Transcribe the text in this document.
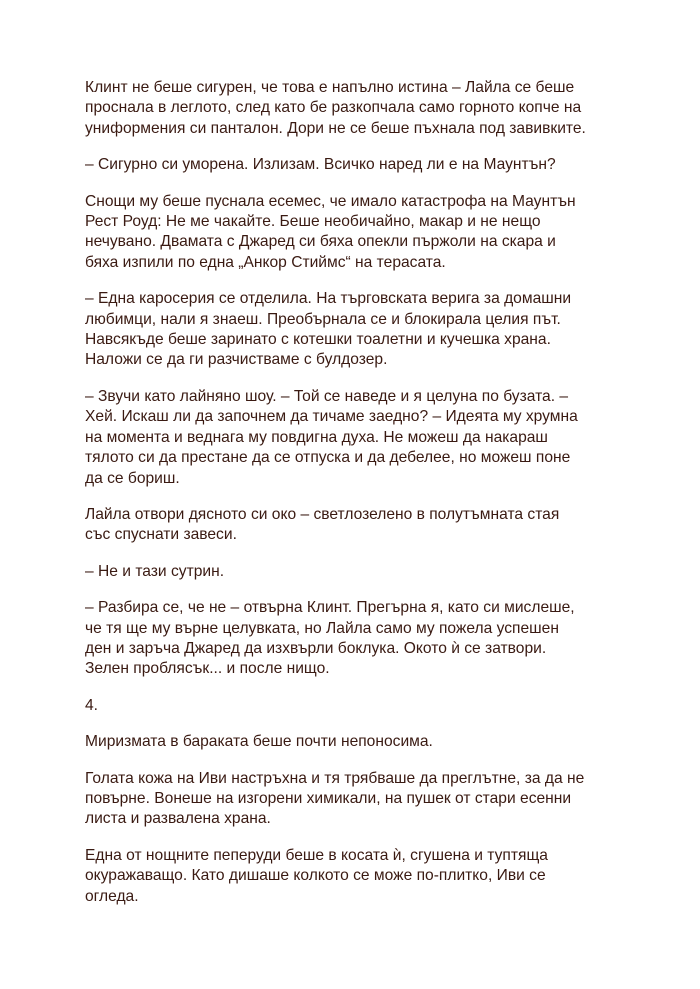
Клинт не беше сигурен, че това е напълно истина – Лайла се беше
проснала в леглото, след като бе разкопчала само горното копче на
униформения си панталон. Дори не се беше пъхнала под завивките.

– Сигурно си уморена. Излизам. Всичко наред ли е на Маунтън?

Снощи му беше пуснала есемес, че имало катастрофа на Маунтън
Рест Роуд: Не ме чакайте. Беше необичайно, макар и не нещо
нечувано. Двамата с Джаред си бяха опекли пържоли на скара и
бяха изпили по една „Анкор Стиймс“ на терасата.

– Една каросерия се отделила. На търговската верига за домашни
любимци, нали я знаеш. Преобърнала се и блокирала целия път.
Навсякъде беше заринато с котешки тоалетни и кучешка храна.
Наложи се да ги разчистваме с булдозер.

– Звучи като лайняно шоу. – Той се наведе и я целуна по бузата. –
Хей. Искаш ли да започнем да тичаме заедно? – Идеята му хрумна
на момента и веднага му повдигна духа. Не можеш да накараш
тялото си да престане да се отпуска и да дебелее, но можеш поне
да се бориш.

Лайла отвори дясното си око – светлозелено в полутъмната стая
със спуснати завеси.

– Не и тази сутрин.

– Разбира се, че не – отвърна Клинт. Прегърна я, като си мислеше,
че тя ще му върне целувката, но Лайла само му пожела успешен
ден и заръча Джаред да изхвърли боклука. Окото ѝ се затвори.
Зелен проблясък... и после нищо.

4.

Миризмата в бараката беше почти непоносима.

Голата кожа на Иви настръхна и тя трябваше да преглътне, за да не
повърне. Вонеше на изгорени химикали, на пушек от стари есенни
листа и развалена храна.

Една от нощните пеперуди беше в косата ѝ, сгушена и туптяща
окуражаващо. Като дишаше колкото се може по-плитко, Иви се
огледа.
